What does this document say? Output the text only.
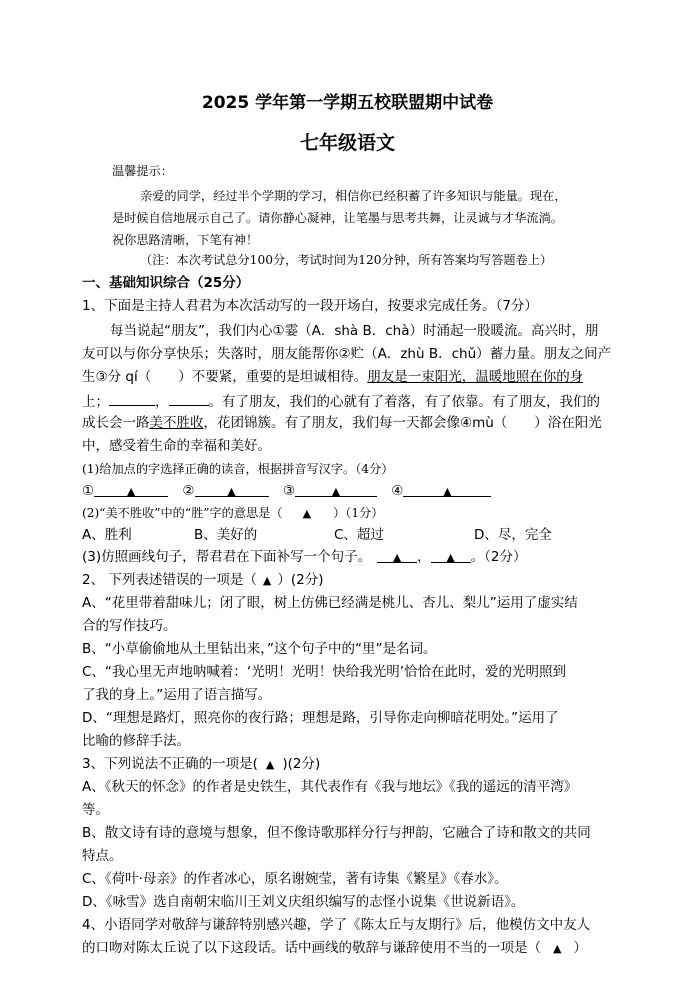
2025 学年第一学期五校联盟期中试卷
七年级语文
温馨提示：
亲爱的同学，经过半个学期的学习，相信你已经积蓄了许多知识与能量。现在，
是时候自信地展示自己了。请你静心凝神，让笔墨与思考共舞，让灵诚与才华流淌。
祝你思路清晰，下笔有神！
（注：本次考试总分100分，考试时间为120分钟，所有答案均写答题卷上）
一、基础知识综合（25分）
1、下面是主持人君君为本次活动写的一段开场白，按要求完成任务。（7分）
每当说起“朋友”，我们内心①霎（A．shà B．chà）时涌起一股暖流。高兴时，朋
友可以与你分享快乐；失落时，朋友能帮你②贮（A．zhù B．chǔ）蓄力量。朋友之间产
生③分 qí（　　）不要紧，重要的是坦诚相待。朋友是一束阳光，温暖地照在你的身
上；	，	。有了朋友，我们的心就有了着落，有了依靠。有了朋友，我们的
成长会一路美不胜收，花团锦簇。有了朋友，我们每一天都会像④mù（　　）浴在阳光
中，感受着生命的幸福和美好。
(1)给加点的字选择正确的读音，根据拼音写汉字。（4分）
①	▲	②	▲	③	▲	④	▲
(2)“美不胜收”中的“胜”字的意思是（ ▲ ）（1分）
A、胜利	B、美好的	C、超过	D、尽，完全
(3)仿照画线句子，帮君君在下面补写一个句子。 ▲ ， ▲ 。（2分）
2、 下列表述错误的一项是（ ▲ ）(2分)
A、“花里带着甜味儿；闭了眼，树上仿佛已经满是桃儿、杏儿、梨儿”运用了虚实结
合的写作技巧。
B、“小草偷偷地从土里钻出来，”这个句子中的“里”是名词。
C、“我心里无声地呐喊着：‘光明！光明！快给我光明’恰恰在此时，爱的光明照到
了我的身上。”运用了语言描写。
D、“理想是路灯，照亮你的夜行路；理想是路，引导你走向柳暗花明处。”运用了
比喻的修辞手法。
3、下列说法不正确的一项是( ▲ )(2分)
A、《秋天的怀念》的作者是史铁生，其代表作有《我与地坛》《我的遥远的清平湾》
等。
B、散文诗有诗的意境与想象，但不像诗歌那样分行与押韵，它融合了诗和散文的共同
特点。
C、《荷叶·母亲》的作者冰心，原名谢婉莹，著有诗集《繁星》《春水》。
D、《咏雪》选自南朝宋临川王刘义庆组织编写的志怪小说集《世说新语》。
4、小语同学对敬辞与谦辞特别感兴趣，学了《陈太丘与友期行》后，他模仿文中友人
的口吻对陈太丘说了以下这段话。话中画线的敬辞与谦辞使用不当的一项是（ ▲ ）
